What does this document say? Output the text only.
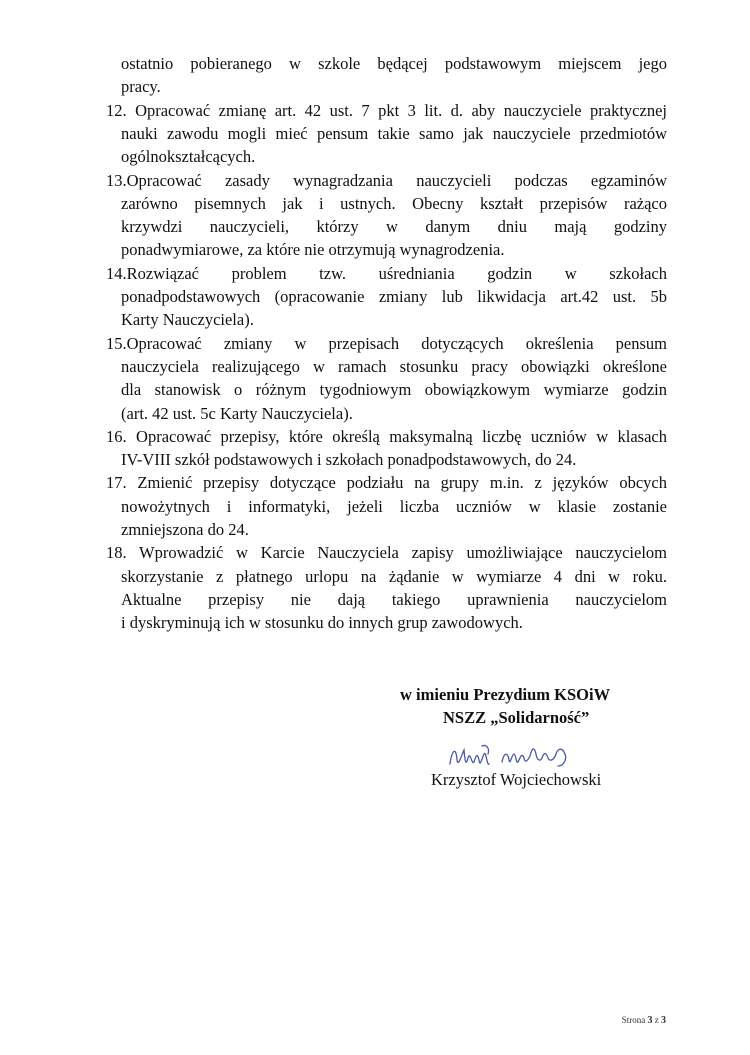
ostatnio pobieranego w szkole będącej podstawowym miejscem jego
pracy.
12. Opracować zmianę art. 42 ust. 7 pkt 3 lit. d. aby nauczyciele praktycznej
nauki zawodu mogli mieć pensum takie samo jak nauczyciele przedmiotów
ogólnokształcących.
13.Opracować zasady wynagradzania nauczycieli podczas egzaminów
zarówno pisemnych jak i ustnych. Obecny kształt przepisów rażąco
krzywdzi nauczycieli, którzy w danym dniu mają godziny
ponadwymiarowe, za które nie otrzymują wynagrodzenia.
14.Rozwiązać problem tzw. uśredniania godzin w szkołach
ponadpodstawowych (opracowanie zmiany lub likwidacja art.42 ust. 5b
Karty Nauczyciela).
15.Opracować zmiany w przepisach dotyczących określenia pensum
nauczyciela realizującego w ramach stosunku pracy obowiązki określone
dla stanowisk o różnym tygodniowym obowiązkowym wymiarze godzin
(art. 42 ust. 5c Karty Nauczyciela).
16. Opracować przepisy, które określą maksymalną liczbę uczniów w klasach
IV-VIII szkół podstawowych i szkołach ponadpodstawowych, do 24.
17. Zmienić przepisy dotyczące podziału na grupy m.in. z języków obcych
nowożytnych i informatyki, jeżeli liczba uczniów w klasie zostanie
zmniejszona do 24.
18. Wprowadzić w Karcie Nauczyciela zapisy umożliwiające nauczycielom
skorzystanie z płatnego urlopu na żądanie w wymiarze 4 dni w roku.
Aktualne przepisy nie dają takiego uprawnienia nauczycielom
i dyskryminują ich w stosunku do innych grup zawodowych.
w imieniu Prezydium KSOiW
NSZZ „Solidarność”
Krzysztof Wojciechowski
Strona 3 z 3
